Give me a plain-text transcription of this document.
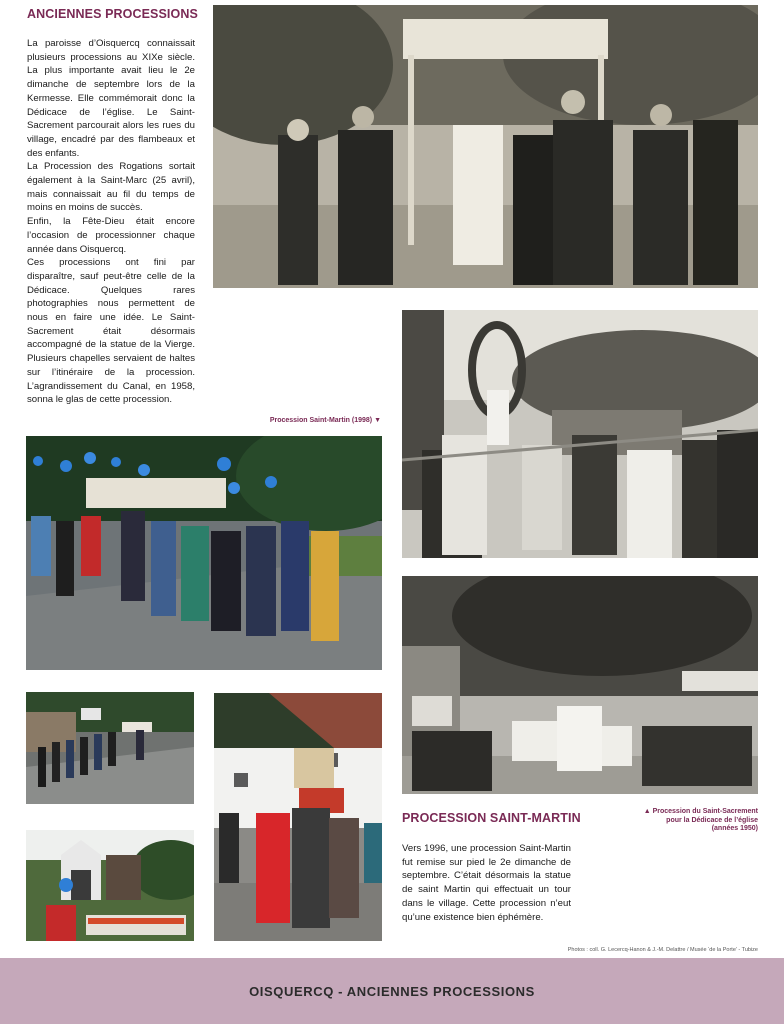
ANCIENNES PROCESSIONS

La paroisse d’Oisquercq connaissait plusieurs processions au XIXe siècle. La plus importante avait lieu le 2e dimanche de septembre lors de la Kermesse. Elle commémorait donc la Dédicace de l’église. Le Saint-Sacrement parcourait alors les rues du village, encadré par des flambeaux et des enfants.

La Procession des Rogations sortait également à la Saint-Marc (25 avril), mais connaissait au fil du temps de moins en moins de succès.

Enfin, la Fête-Dieu était encore l’occasion de processionner chaque année dans Oisquercq.

Ces processions ont fini par disparaître, sauf peut-être celle de la Dédicace. Quelques rares photographies nous permettent de nous en faire une idée. Le Saint-Sacrement était désormais accompagné de la statue de la Vierge. Plusieurs chapelles servaient de haltes sur l’itinéraire de la procession. L’agrandissement du Canal, en 1958, sonna le glas de cette procession.

Procession Saint-Martin (1998) ▼
▲ Procession du Saint-Sacrement
pour la Dédicace de l’église
(années 1950)
PROCESSION SAINT-MARTIN

Vers 1996, une procession Saint-Martin fut remise sur pied le 2e dimanche de septembre. C’était désormais la statue de saint Martin qui effectuait un tour dans le village. Cette procession n’eut qu’une existence bien éphémère.

Photos : coll. G. Lecercq-Hanon & J.-M. Delattre / Musée ‘de la Porte’ - Tubize
OISQUERCQ - ANCIENNES PROCESSIONS
